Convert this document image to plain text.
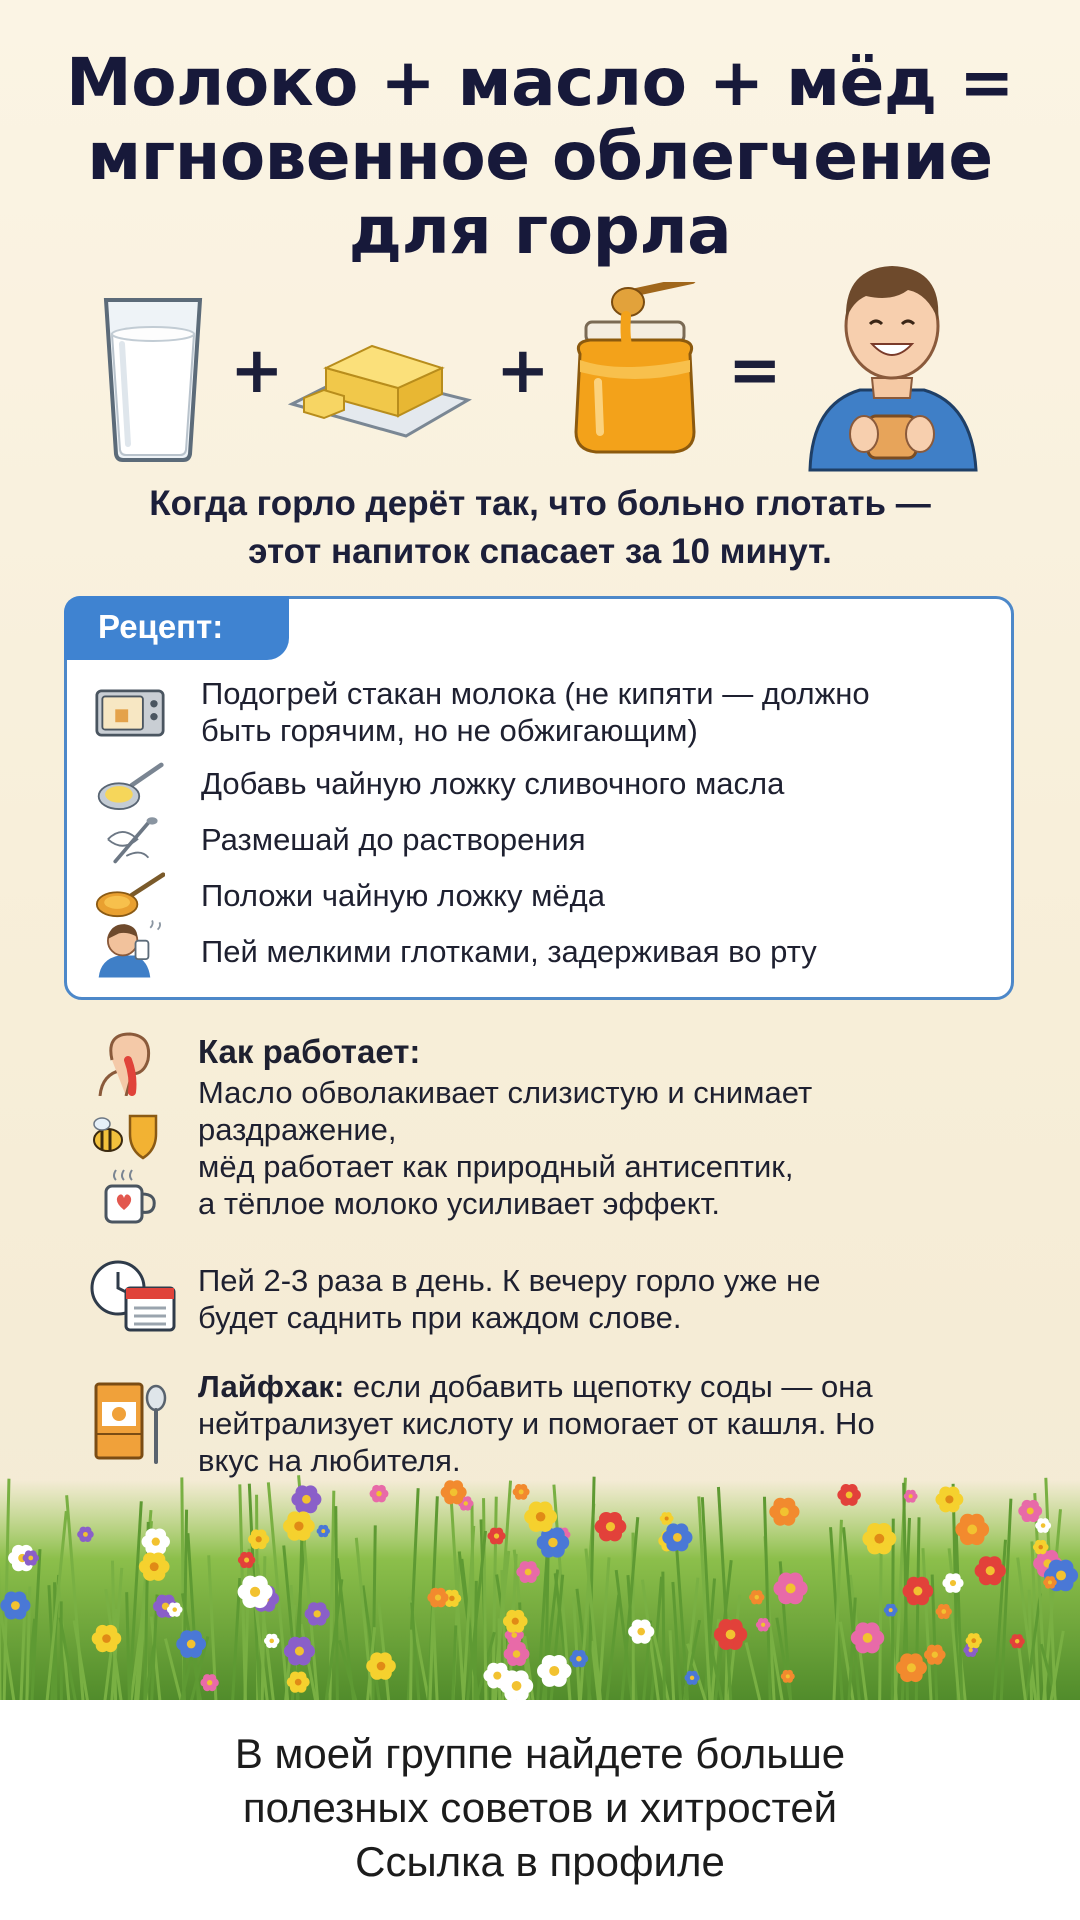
Молоко + масло + мёд =
мгновенное облегчение
для горла
+	+	=
Когда горло дерёт так, что больно глотать —
этот напиток спасает за 10 минут.
Рецепт:
Подогрей стакан молока (не кипяти — должно
быть горячим, но не обжигающим)
Добавь чайную ложку сливочного масла
Размешай до растворения
Положи чайную ложку мёда
Пей мелкими глотками, задерживая во рту
Как работает:
Масло обволакивает слизистую и снимает
раздражение,
мёд работает как природный антисептик,
а тёплое молоко усиливает эффект.
Пей 2-3 раза в день. К вечеру горло уже не
будет саднить при каждом слове.
Лайфхак: если добавить щепотку соды — она
нейтрализует кислоту и помогает от кашля. Но
вкус на любителя.
В моей группе найдете больше
полезных советов и хитростей
Ссылка в профиле
